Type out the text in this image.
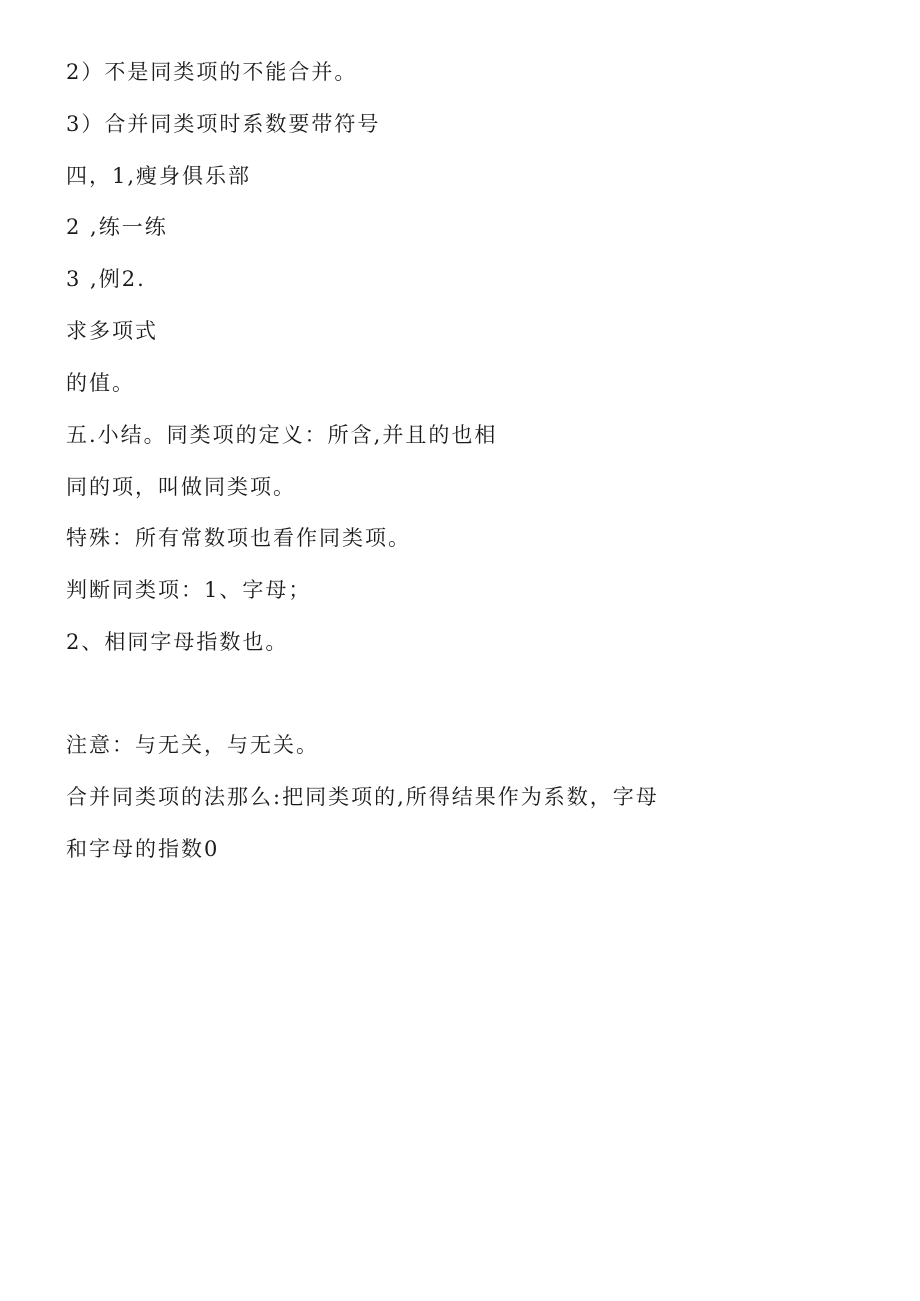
2）不是同类项的不能合并。
3）合并同类项时系数要带符号
四，1,瘦身俱乐部
2 ,练一练
3 ,例2.
求多项式
的值。
五.小结。同类项的定义：所含,并且的也相
同的项，叫做同类项。
特殊：所有常数项也看作同类项。
判断同类项：1、字母；
2、相同字母指数也。
注意：与无关，与无关。
合并同类项的法那么:把同类项的,所得结果作为系数，字母
和字母的指数0
